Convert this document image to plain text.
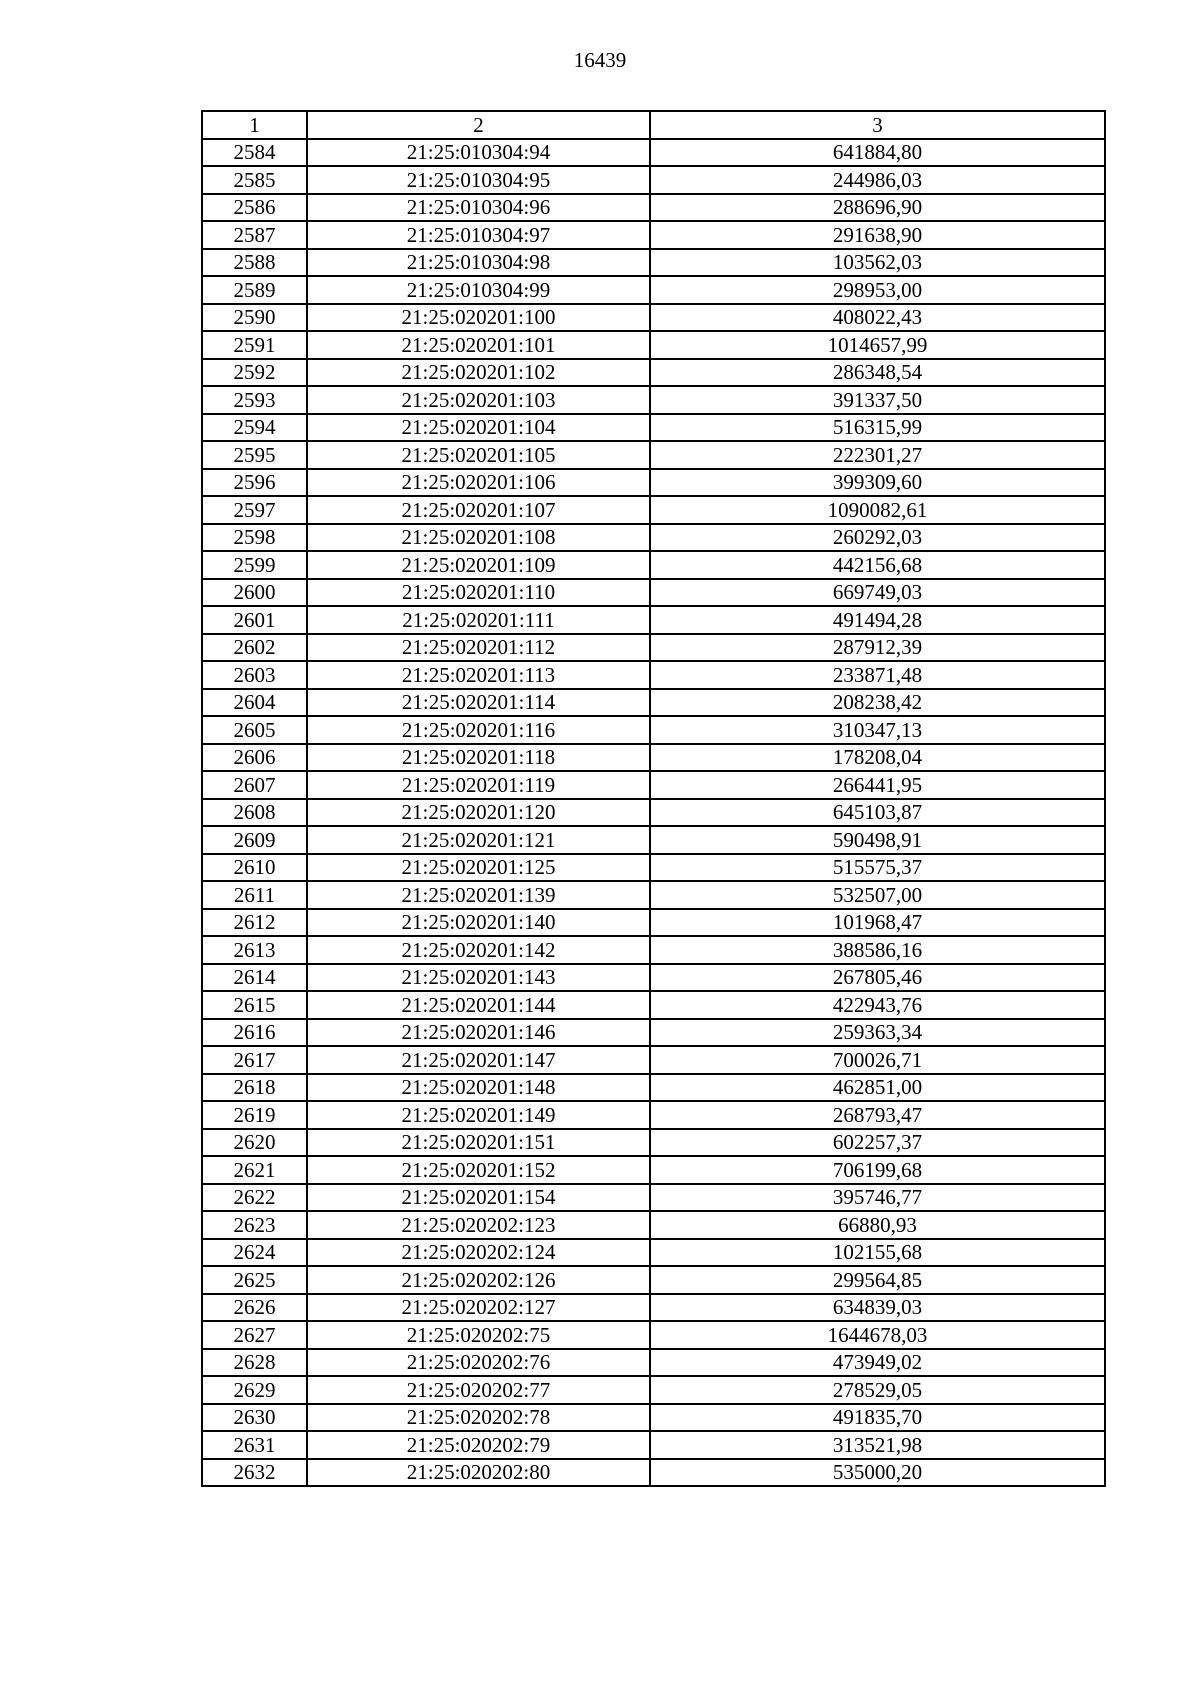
16439
1	2	3
2584	21:25:010304:94	641884,80
2585	21:25:010304:95	244986,03
2586	21:25:010304:96	288696,90
2587	21:25:010304:97	291638,90
2588	21:25:010304:98	103562,03
2589	21:25:010304:99	298953,00
2590	21:25:020201:100	408022,43
2591	21:25:020201:101	1014657,99
2592	21:25:020201:102	286348,54
2593	21:25:020201:103	391337,50
2594	21:25:020201:104	516315,99
2595	21:25:020201:105	222301,27
2596	21:25:020201:106	399309,60
2597	21:25:020201:107	1090082,61
2598	21:25:020201:108	260292,03
2599	21:25:020201:109	442156,68
2600	21:25:020201:110	669749,03
2601	21:25:020201:111	491494,28
2602	21:25:020201:112	287912,39
2603	21:25:020201:113	233871,48
2604	21:25:020201:114	208238,42
2605	21:25:020201:116	310347,13
2606	21:25:020201:118	178208,04
2607	21:25:020201:119	266441,95
2608	21:25:020201:120	645103,87
2609	21:25:020201:121	590498,91
2610	21:25:020201:125	515575,37
2611	21:25:020201:139	532507,00
2612	21:25:020201:140	101968,47
2613	21:25:020201:142	388586,16
2614	21:25:020201:143	267805,46
2615	21:25:020201:144	422943,76
2616	21:25:020201:146	259363,34
2617	21:25:020201:147	700026,71
2618	21:25:020201:148	462851,00
2619	21:25:020201:149	268793,47
2620	21:25:020201:151	602257,37
2621	21:25:020201:152	706199,68
2622	21:25:020201:154	395746,77
2623	21:25:020202:123	66880,93
2624	21:25:020202:124	102155,68
2625	21:25:020202:126	299564,85
2626	21:25:020202:127	634839,03
2627	21:25:020202:75	1644678,03
2628	21:25:020202:76	473949,02
2629	21:25:020202:77	278529,05
2630	21:25:020202:78	491835,70
2631	21:25:020202:79	313521,98
2632	21:25:020202:80	535000,20
